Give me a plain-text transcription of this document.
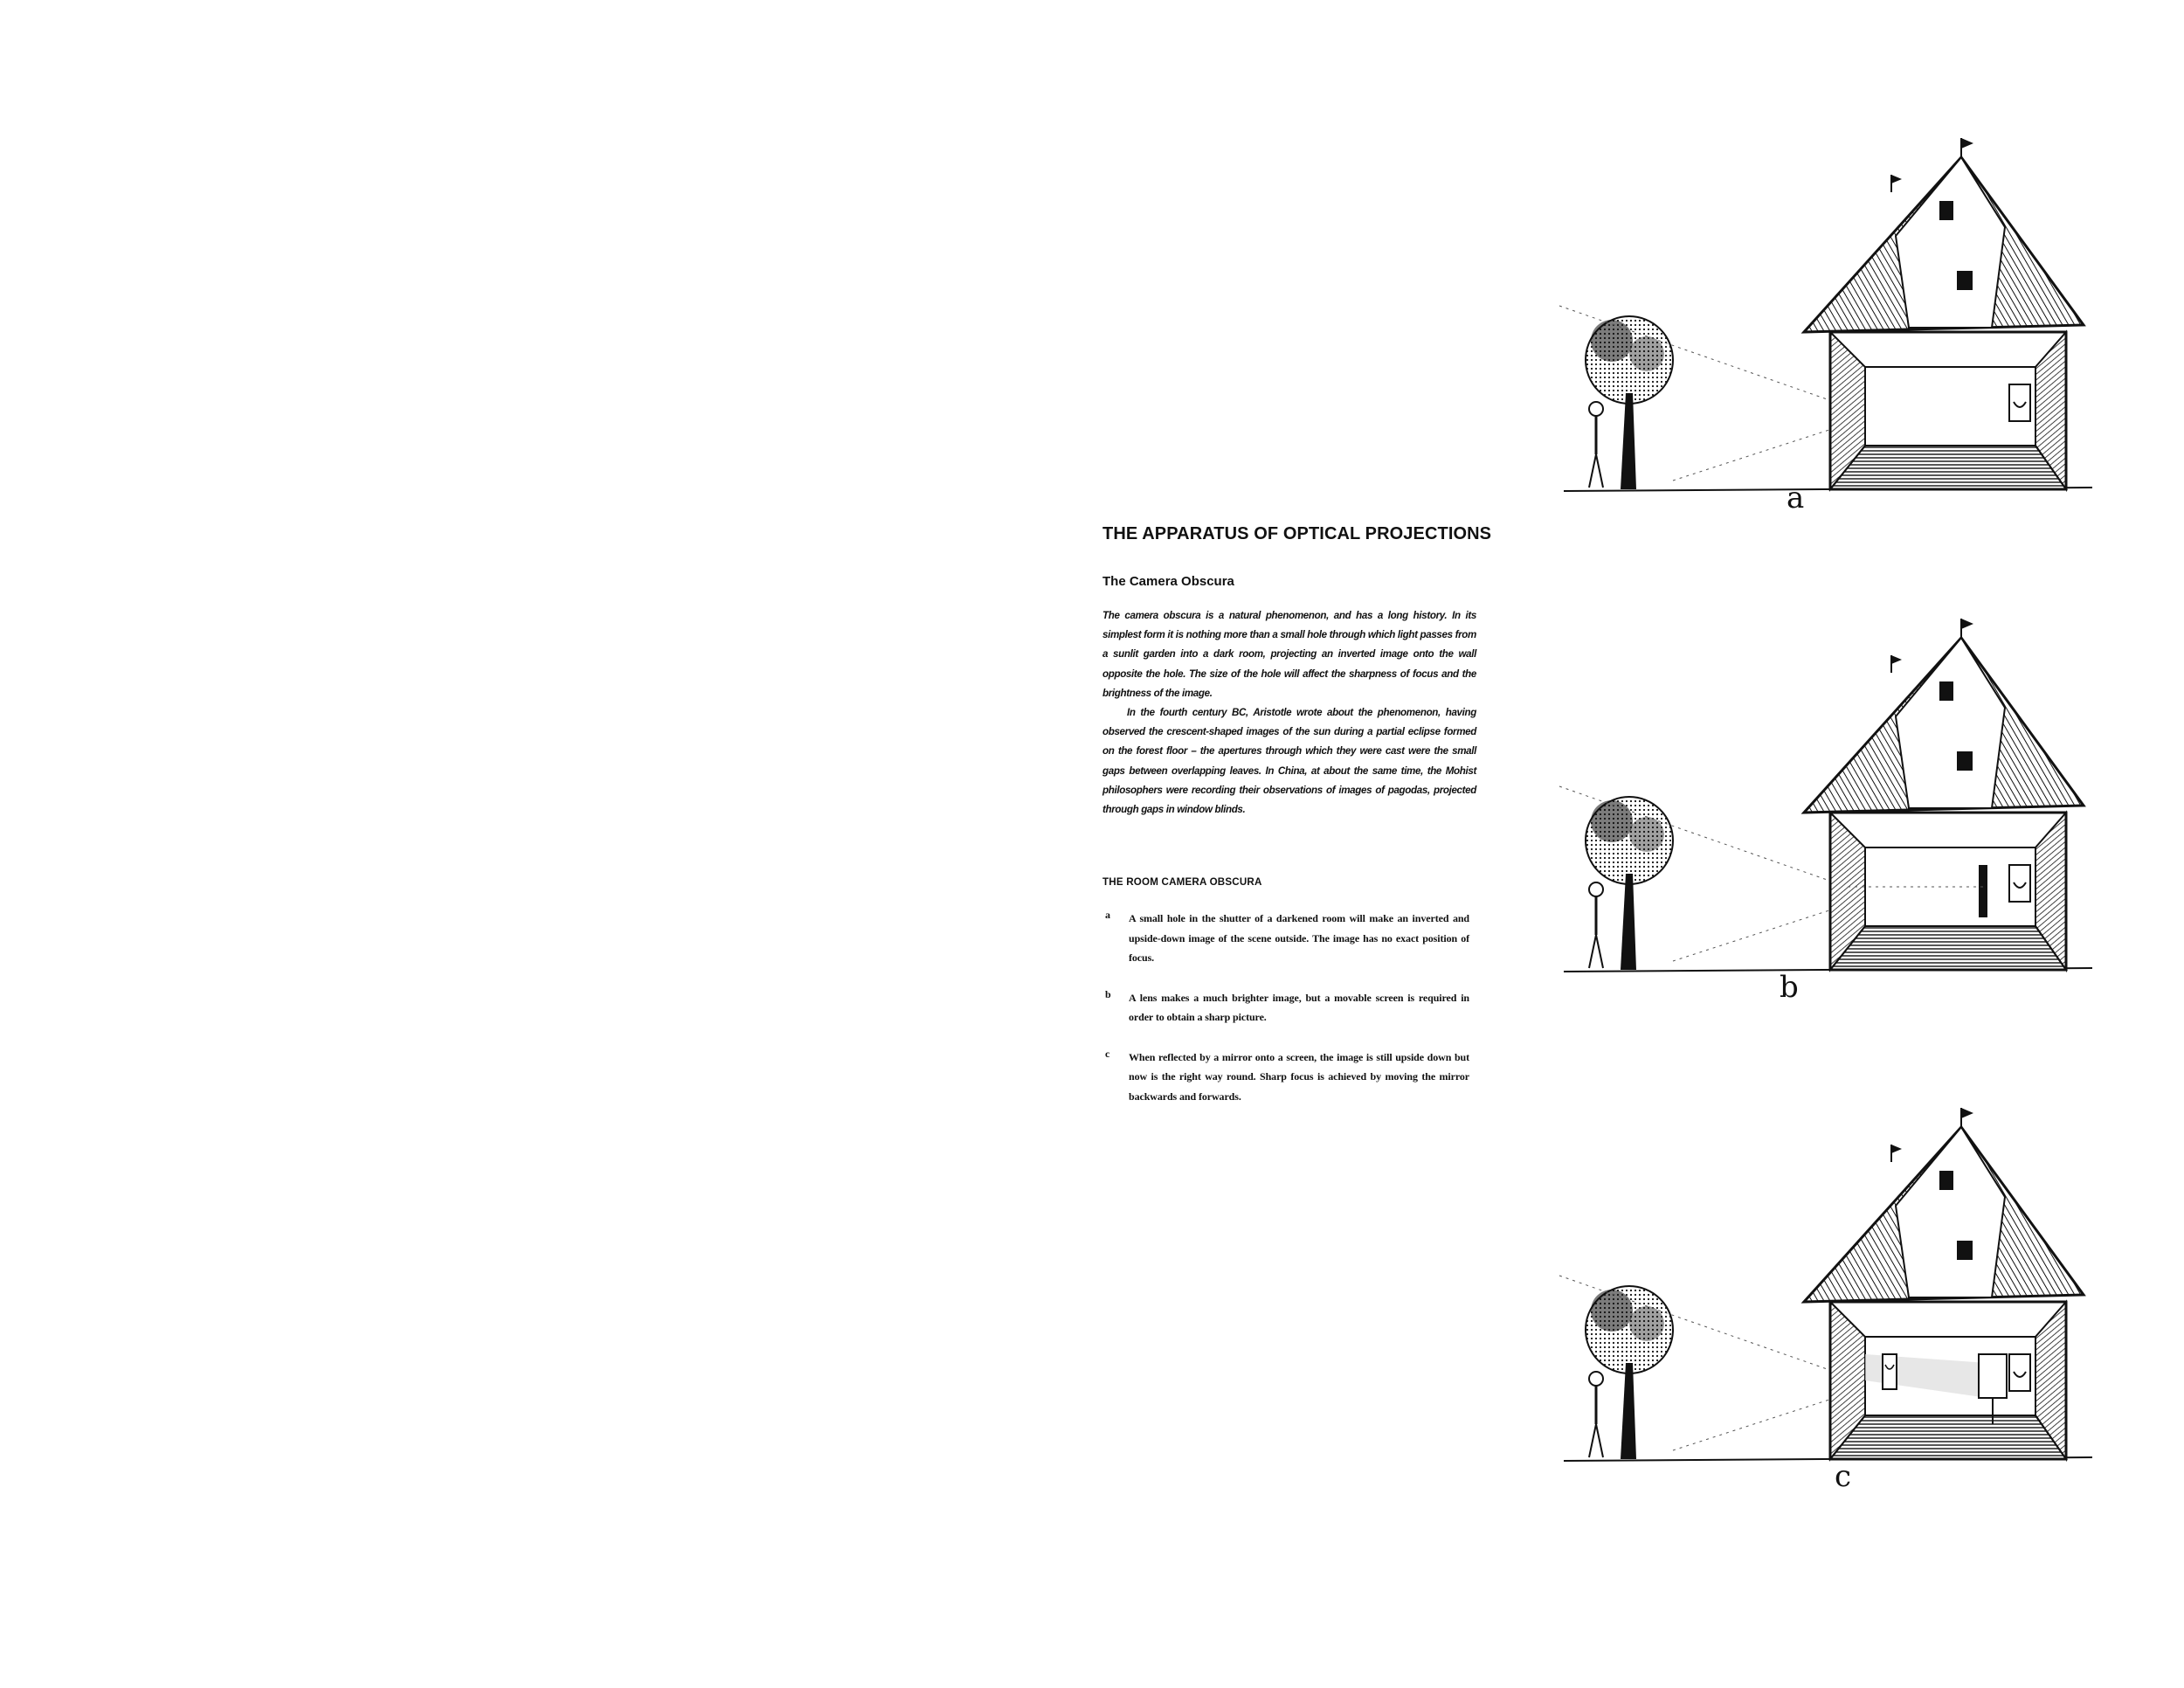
THE APPARATUS OF OPTICAL PROJECTIONS
The Camera Obscura

The camera obscura is a natural phenomenon, and has a long history. In its simplest form it is nothing more than a small hole through which light passes from a sunlit garden into a dark room, projecting an inverted image onto the wall opposite the hole. The size of the hole will affect the sharpness of focus and the brightness of the image.

In the fourth century BC, Aristotle wrote about the phenomenon, having observed the crescent-shaped images of the sun during a partial eclipse formed on the forest floor – the apertures through which they were cast were the small gaps between overlapping leaves. In China, at about the same time, the Mohist philosophers were recording their observations of images of pagodas, projected through gaps in window blinds.

THE ROOM CAMERA OBSCURA
a A small hole in the shutter of a darkened room will make an inverted and upside-down image of the scene outside. The image has no exact position of focus.
b A lens makes a much brighter image, but a movable screen is required in order to obtain a sharp picture.
c When reflected by a mirror onto a screen, the image is still upside down but now is the right way round. Sharp focus is achieved by moving the mirror backwards and forwards.
a
b
c
